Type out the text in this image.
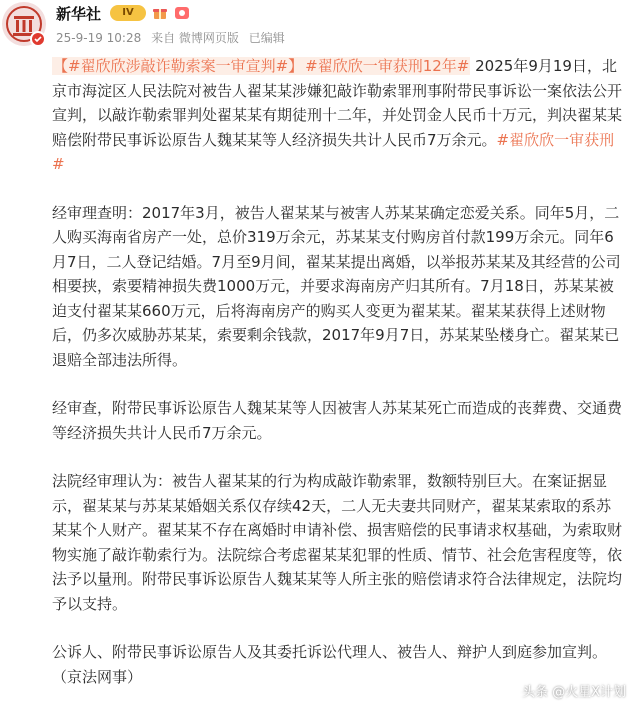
新华社	IV
25-9-19 10:28 来自 微博网页版 已编辑

【#翟欣欣涉敲诈勒索案一审宣判#】 #翟欣欣一审获刑12年# 2025年9月19日，北京市海淀区人民法院对被告人翟某某涉嫌犯敲诈勒索罪刑事附带民事诉讼一案依法公开宣判，以敲诈勒索罪判处翟某某有期徒刑十二年，并处罚金人民币十万元，判决翟某某赔偿附带民事诉讼原告人魏某某等人经济损失共计人民币7万余元。#翟欣欣一审获刑#

经审理查明：2017年3月，被告人翟某某与被害人苏某某确定恋爱关系。同年5月，二人购买海南省房产一处，总价319万余元，苏某某支付购房首付款199万余元。同年6月7日，二人登记结婚。7月至9月间，翟某某提出离婚，以举报苏某某及其经营的公司相要挟，索要精神损失费1000万元，并要求海南房产归其所有。7月18日，苏某某被迫支付翟某某660万元，后将海南房产的购买人变更为翟某某。翟某某获得上述财物后，仍多次威胁苏某某，索要剩余钱款，2017年9月7日，苏某某坠楼身亡。翟某某已退赔全部违法所得。

经审查，附带民事诉讼原告人魏某某等人因被害人苏某某死亡而造成的丧葬费、交通费等经济损失共计人民币7万余元。

法院经审理认为：被告人翟某某的行为构成敲诈勒索罪，数额特别巨大。在案证据显示，翟某某与苏某某婚姻关系仅存续42天，二人无夫妻共同财产，翟某某索取的系苏某某个人财产。翟某某不存在离婚时申请补偿、损害赔偿的民事请求权基础，为索取财物实施了敲诈勒索行为。法院综合考虑翟某某犯罪的性质、情节、社会危害程度等，依法予以量刑。附带民事诉讼原告人魏某某等人所主张的赔偿请求符合法律规定，法院均予以支持。

公诉人、附带民事诉讼原告人及其委托诉讼代理人、被告人、辩护人到庭参加宣判。（京法网事）

头条 @火星X计划
